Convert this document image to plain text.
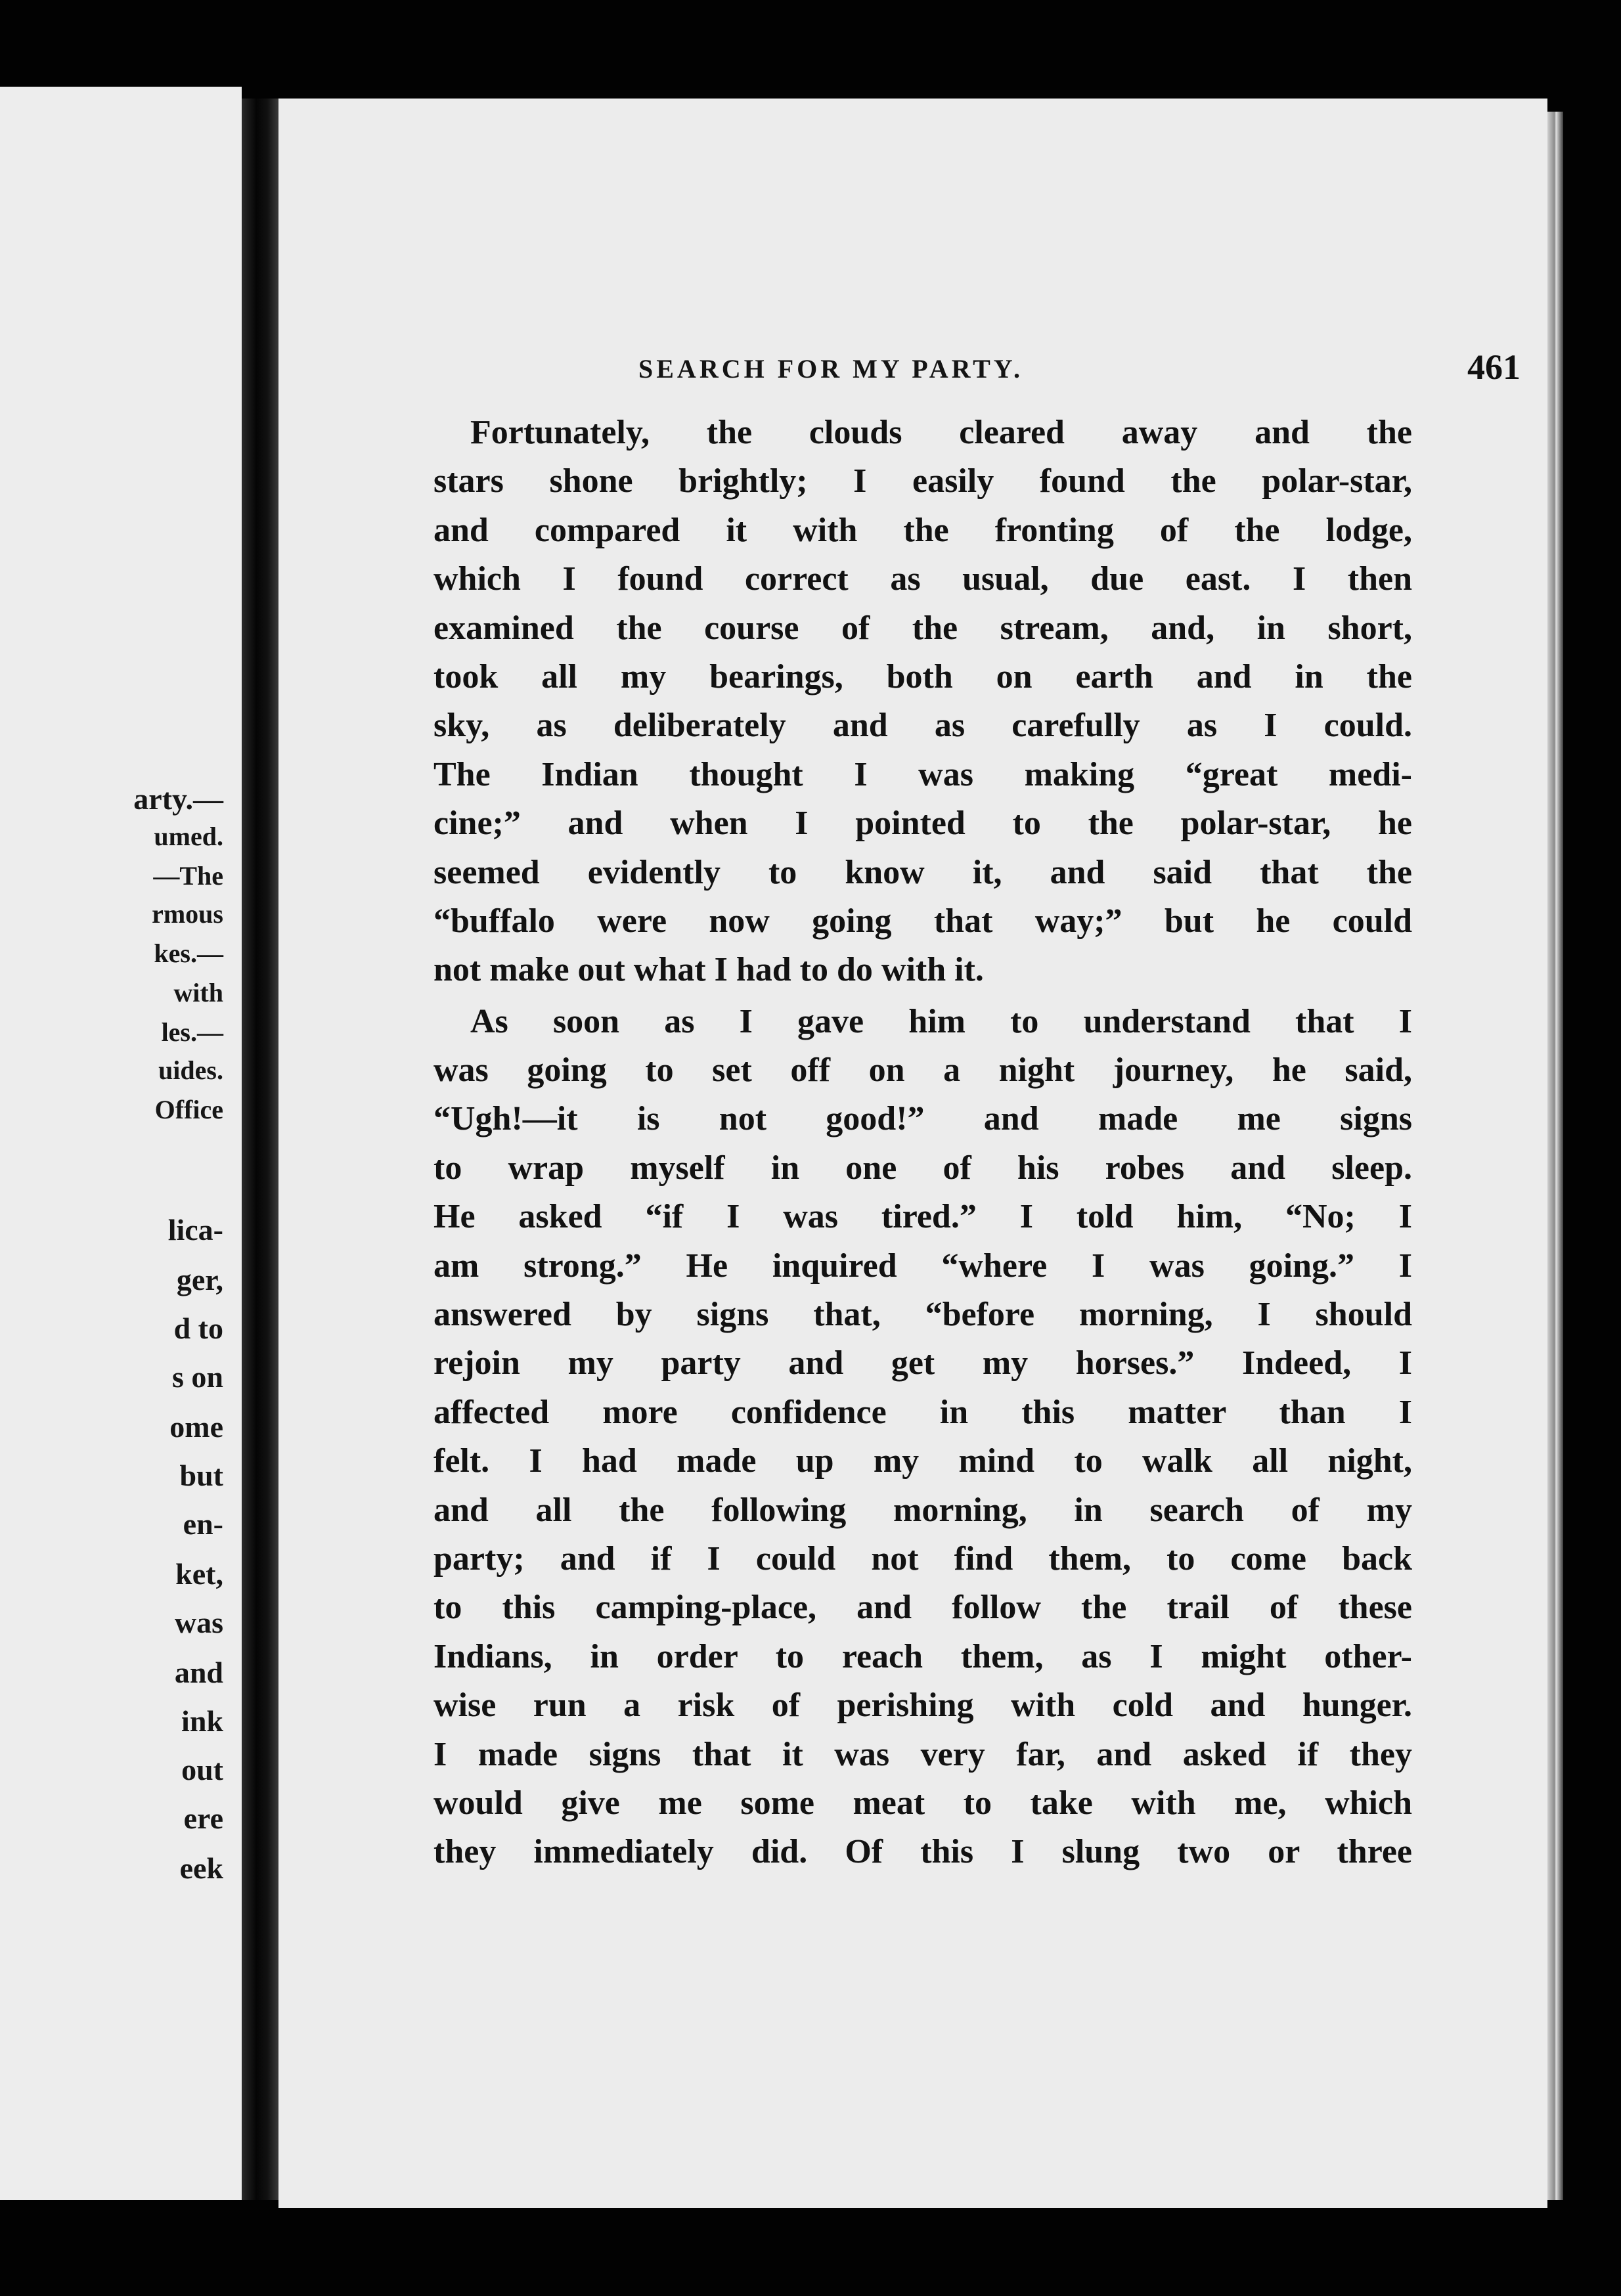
arty.—
umed.
—The
rmous
kes.—
with
les.—
uides.
Office
lica-
ger,
d to
s on
ome
but
en-
ket,
was
and
ink
out
ere
eek
SEARCH FOR MY PARTY.	461
Fortunately, the clouds cleared away and the
stars shone brightly; I easily found the polar-star,
and compared it with the fronting of the lodge,
which I found correct as usual, due east. I then
examined the course of the stream, and, in short,
took all my bearings, both on earth and in the
sky, as deliberately and as carefully as I could.
The Indian thought I was making “great medi-
cine;” and when I pointed to the polar-star, he
seemed evidently to know it, and said that the
“buffalo were now going that way;” but he could
not make out what I had to do with it.
As soon as I gave him to understand that I
was going to set off on a night journey, he said,
“Ugh!—it is not good!” and made me signs
to wrap myself in one of his robes and sleep.
He asked “if I was tired.” I told him, “No; I
am strong.” He inquired “where I was going.” I
answered by signs that, “before morning, I should
rejoin my party and get my horses.” Indeed, I
affected more confidence in this matter than I
felt. I had made up my mind to walk all night,
and all the following morning, in search of my
party; and if I could not find them, to come back
to this camping-place, and follow the trail of these
Indians, in order to reach them, as I might other-
wise run a risk of perishing with cold and hunger.
I made signs that it was very far, and asked if they
would give me some meat to take with me, which
they immediately did. Of this I slung two or three
